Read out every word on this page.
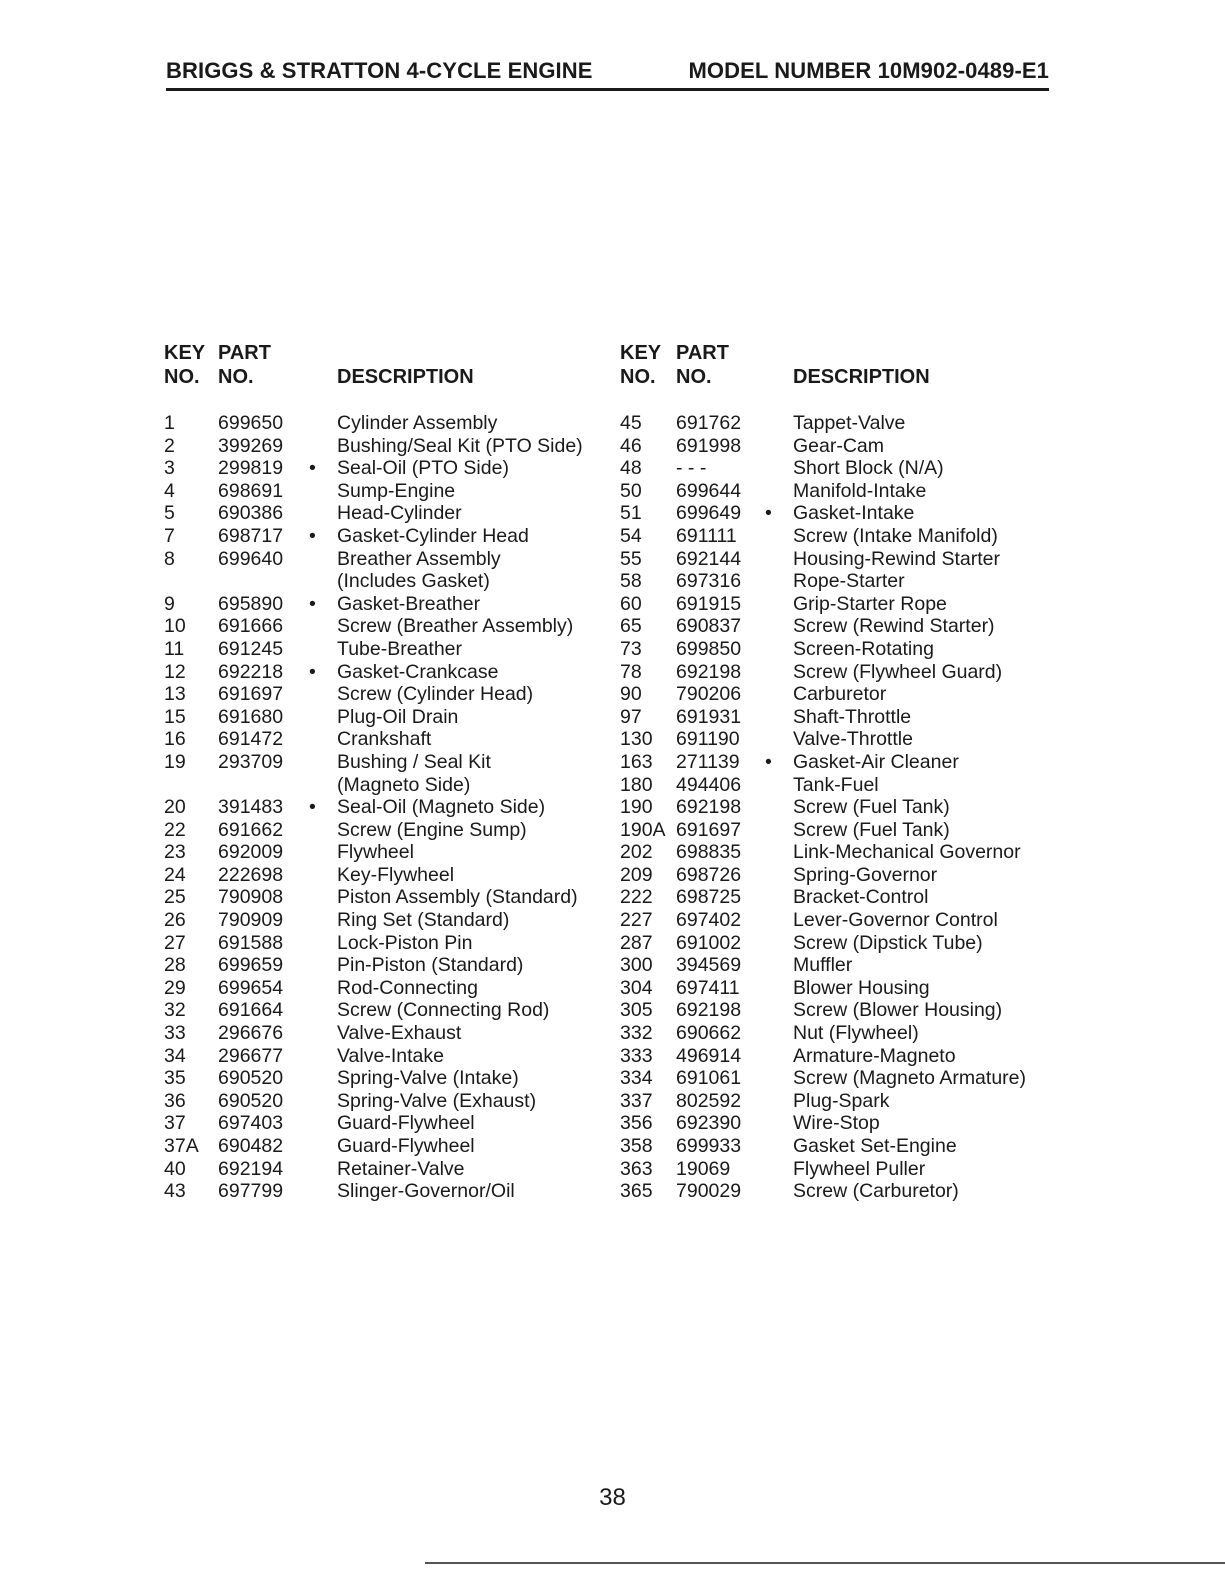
BRIGGS & STRATTON 4-CYCLE ENGINE	MODEL NUMBER 10M902-0489-E1
KEY PART
NO. NO.	DESCRIPTION
1 699650	Cylinder Assembly
2 399269	Bushing/Seal Kit (PTO Side)
3 299819 • Seal-Oil (PTO Side)
4 698691	Sump-Engine
5 690386	Head-Cylinder
7 698717 • Gasket-Cylinder Head
8 699640	Breather Assembly
(Includes Gasket)
9 695890 • Gasket-Breather
10 691666	Screw (Breather Assembly)
11 691245	Tube-Breather
12 692218 • Gasket-Crankcase
13 691697	Screw (Cylinder Head)
15 691680	Plug-Oil Drain
16 691472	Crankshaft
19 293709	Bushing / Seal Kit
(Magneto Side)
20 391483 • Seal-Oil (Magneto Side)
22 691662	Screw (Engine Sump)
23 692009	Flywheel
24 222698	Key-Flywheel
25 790908	Piston Assembly (Standard)
26 790909	Ring Set (Standard)
27 691588	Lock-Piston Pin
28 699659	Pin-Piston (Standard)
29 699654	Rod-Connecting
32 691664	Screw (Connecting Rod)
33 296676	Valve-Exhaust
34 296677	Valve-Intake
35 690520	Spring-Valve (Intake)
36 690520	Spring-Valve (Exhaust)
37 697403	Guard-Flywheel
37A 690482	Guard-Flywheel
40 692194	Retainer-Valve
43 697799	Slinger-Governor/Oil
KEY PART
NO. NO.	DESCRIPTION
45 691762	Tappet-Valve
46 691998	Gear-Cam
48 - - -	Short Block (N/A)
50 699644	Manifold-Intake
51 699649 • Gasket-Intake
54 691111	Screw (Intake Manifold)
55 692144	Housing-Rewind Starter
58 697316	Rope-Starter
60 691915	Grip-Starter Rope
65 690837	Screw (Rewind Starter)
73 699850	Screen-Rotating
78 692198	Screw (Flywheel Guard)
90 790206	Carburetor
97 691931	Shaft-Throttle
130 691190	Valve-Throttle
163 271139 • Gasket-Air Cleaner
180 494406	Tank-Fuel
190 692198	Screw (Fuel Tank)
190A 691697	Screw (Fuel Tank)
202 698835	Link-Mechanical Governor
209 698726	Spring-Governor
222 698725	Bracket-Control
227 697402	Lever-Governor Control
287 691002	Screw (Dipstick Tube)
300 394569	Muffler
304 697411	Blower Housing
305 692198	Screw (Blower Housing)
332 690662	Nut (Flywheel)
333 496914	Armature-Magneto
334 691061	Screw (Magneto Armature)
337 802592	Plug-Spark
356 692390	Wire-Stop
358 699933	Gasket Set-Engine
363 19069	Flywheel Puller
365 790029	Screw (Carburetor)
38
